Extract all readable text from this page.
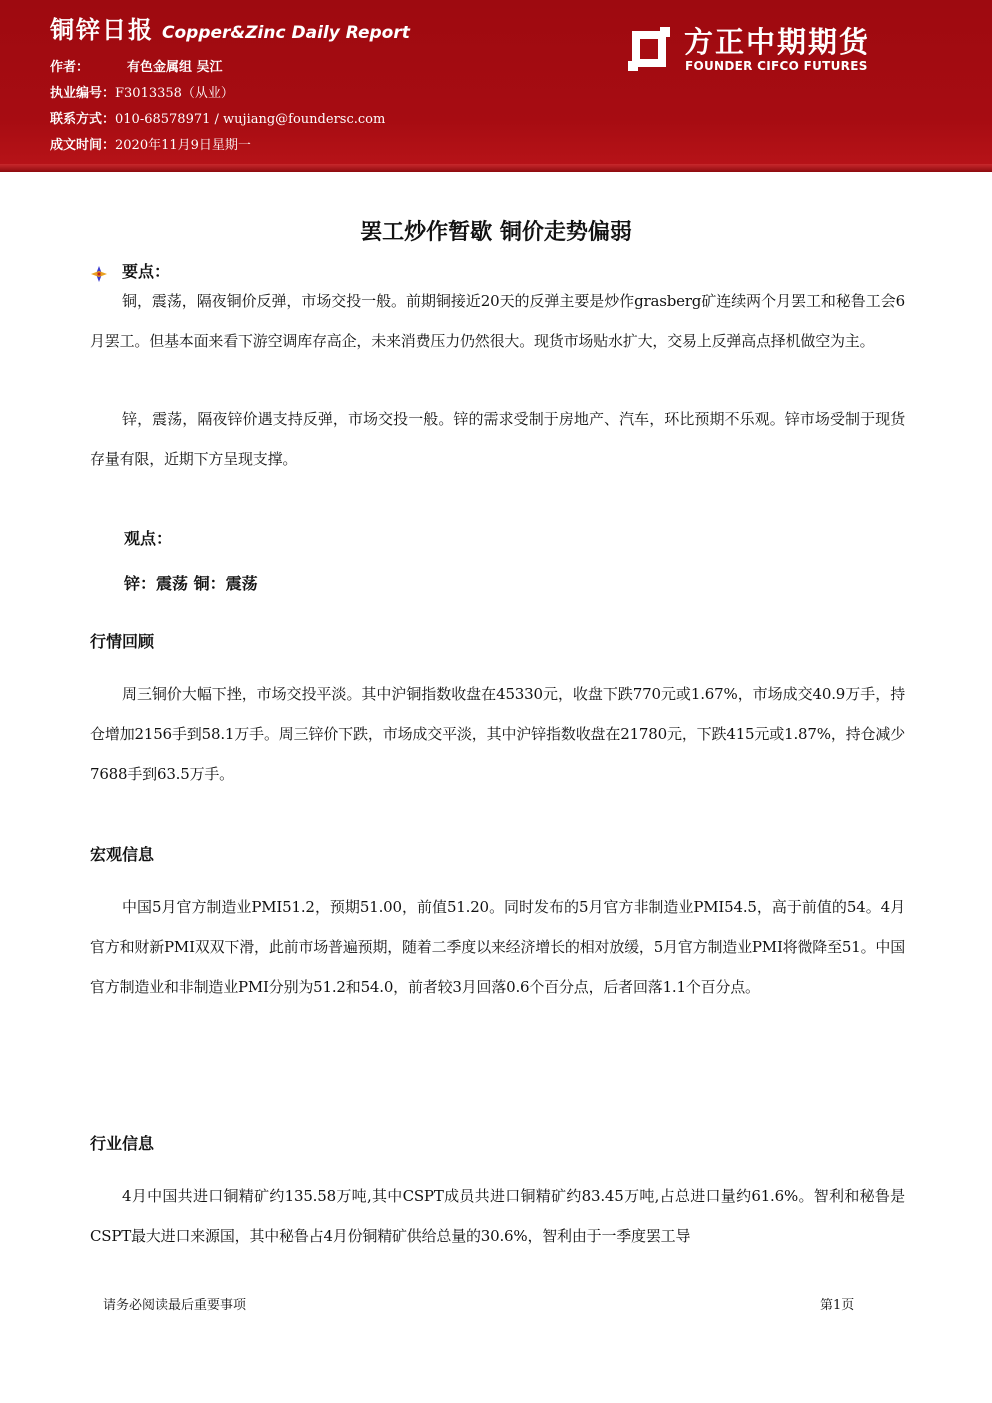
铜锌日报 Copper&Zinc Daily Report
作者：	有色金属组 吴江
执业编号：F3013358（从业）
联系方式：010-68578971 / wujiang@foundersc.com
成文时间：2020年11月9日星期一
方正中期期货
FOUNDER CIFCO FUTURES
罢工炒作暂歇 铜价走势偏弱
要点：

铜，震荡，隔夜铜价反弹，市场交投一般。前期铜接近20天的反弹主要是炒作grasberg矿连续两个月罢工和秘鲁工会6月罢工。但基本面来看下游空调库存高企，未来消费压力仍然很大。现货市场贴水扩大，交易上反弹高点择机做空为主。

锌，震荡，隔夜锌价遇支持反弹，市场交投一般。锌的需求受制于房地产、汽车，环比预期不乐观。锌市场受制于现货存量有限，近期下方呈现支撑。

观点：
锌：震荡 铜：震荡
行情回顾

周三铜价大幅下挫，市场交投平淡。其中沪铜指数收盘在45330元，收盘下跌770元或1.67%，市场成交40.9万手，持仓增加2156手到58.1万手。周三锌价下跌，市场成交平淡，其中沪锌指数收盘在21780元，下跌415元或1.87%，持仓减少7688手到63.5万手。

宏观信息

中国5月官方制造业PMI51.2，预期51.00，前值51.20。同时发布的5月官方非制造业PMI54.5，高于前值的54。4月官方和财新PMI双双下滑，此前市场普遍预期，随着二季度以来经济增长的相对放缓，5月官方制造业PMI将微降至51。中国官方制造业和非制造业PMI分别为51.2和54.0，前者较3月回落0.6个百分点，后者回落1.1个百分点。

行业信息

4月中国共进口铜精矿约135.58万吨,其中CSPT成员共进口铜精矿约83.45万吨,占总进口量约61.6%。智利和秘鲁是CSPT最大进口来源国，其中秘鲁占4月份铜精矿供给总量的30.6%，智利由于一季度罢工导

请务必阅读最后重要事项	第1页
